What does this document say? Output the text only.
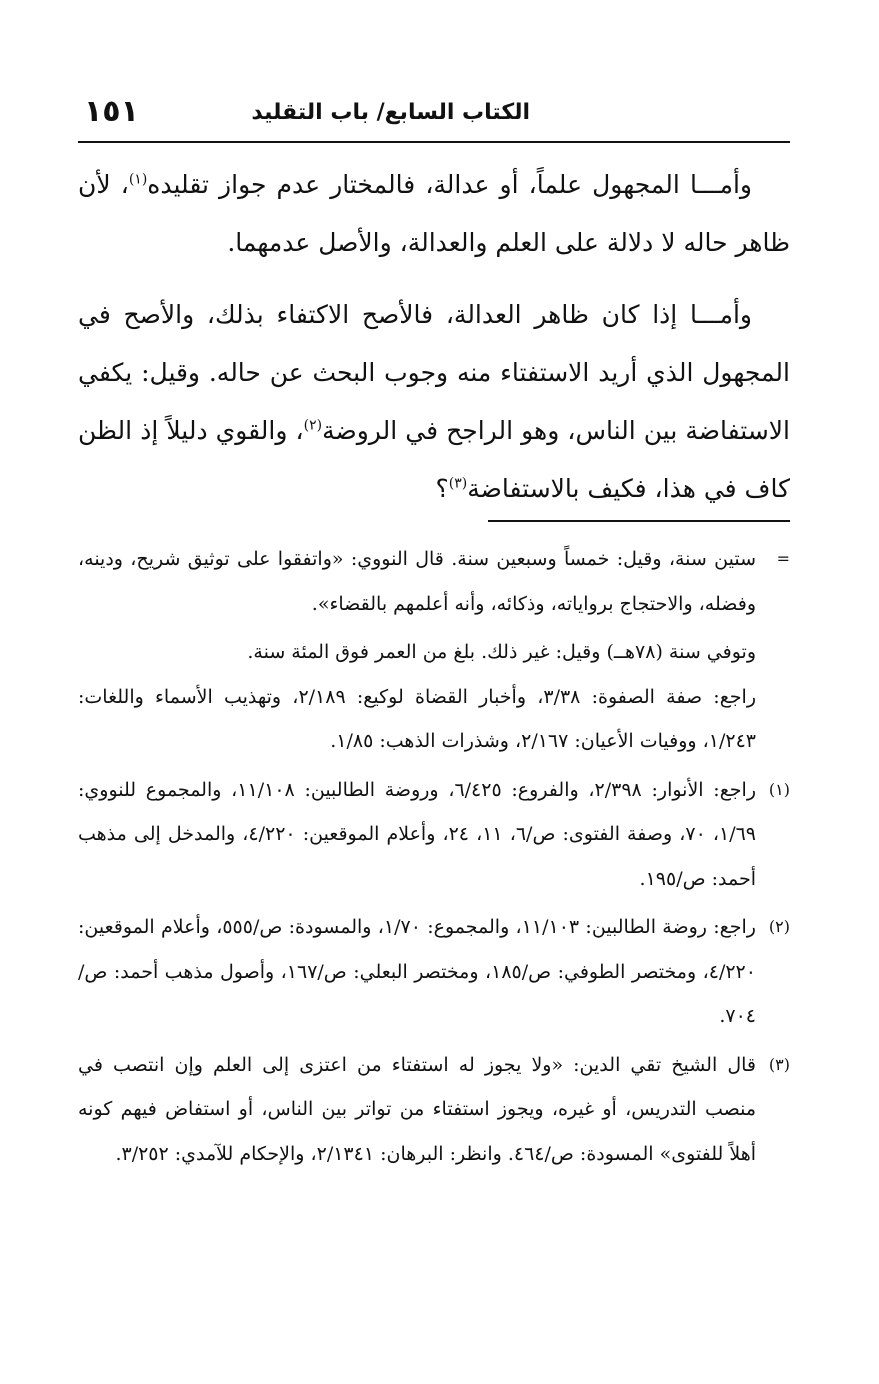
الكتاب السابع/ باب التقليد
١٥١

وأمـــا المجهول علماً، أو عدالة، فالمختار عدم جواز تقليده$^{(١)}$، لأن ظاهر حاله لا دلالة على العلم والعدالة، والأصل عدمهما.

وأمـــا إذا كان ظاهر العدالة، فالأصح الاكتفاء بذلك، والأصح في المجهول الذي أريد الاستفتاء منه وجوب البحث عن حاله. وقيل: يكفي الاستفاضة بين الناس، وهو الراجح في الروضة$^{(٢)}$، والقوي دليلاً إذ الظن كاف في هذا، فكيف بالاستفاضة$^{(٣)}$؟

=
ستين سنة، وقيل: خمساً وسبعين سنة. قال النووي: «واتفقوا على توثيق شريح، ودينه، وفضله، والاحتجاج برواياته، وذكائه، وأنه أعلمهم بالقضاء».

وتوفي سنة (٧٨هــ) وقيل: غير ذلك. بلغ من العمر فوق المئة سنة.

راجع: صفة الصفوة: ٣/٣٨، وأخبار القضاة لوكيع: ٢/١٨٩، وتهذيب الأسماء واللغات: ١/٢٤٣، ووفيات الأعيان: ٢/١٦٧، وشذرات الذهب: ١/٨٥.

(١)
راجع: الأنوار: ٢/٣٩٨، والفروع: ٦/٤٢٥، وروضة الطالبين: ١١/١٠٨، والمجموع للنووي: ١/٦٩، ٧٠، وصفة الفتوى: ص/٦، ١١، ٢٤، وأعلام الموقعين: ٤/٢٢٠، والمدخل إلى مذهب أحمد: ص/١٩٥.

(٢)
راجع: روضة الطالبين: ١١/١٠٣، والمجموع: ١/٧٠، والمسودة: ص/٥٥٥، وأعلام الموقعين: ٤/٢٢٠، ومختصر الطوفي: ص/١٨٥، ومختصر البعلي: ص/١٦٧، وأصول مذهب أحمد: ص/٧٠٤.

(٣)
قال الشيخ تقي الدين: «ولا يجوز له استفتاء من اعتزى إلى العلم وإن انتصب في منصب التدريس، أو غيره، ويجوز استفتاء من تواتر بين الناس، أو استفاض فيهم كونه أهلاً للفتوى» المسودة: ص/٤٦٤. وانظر: البرهان: ٢/١٣٤١، والإحكام للآمدي: ٣/٢٥٢.
